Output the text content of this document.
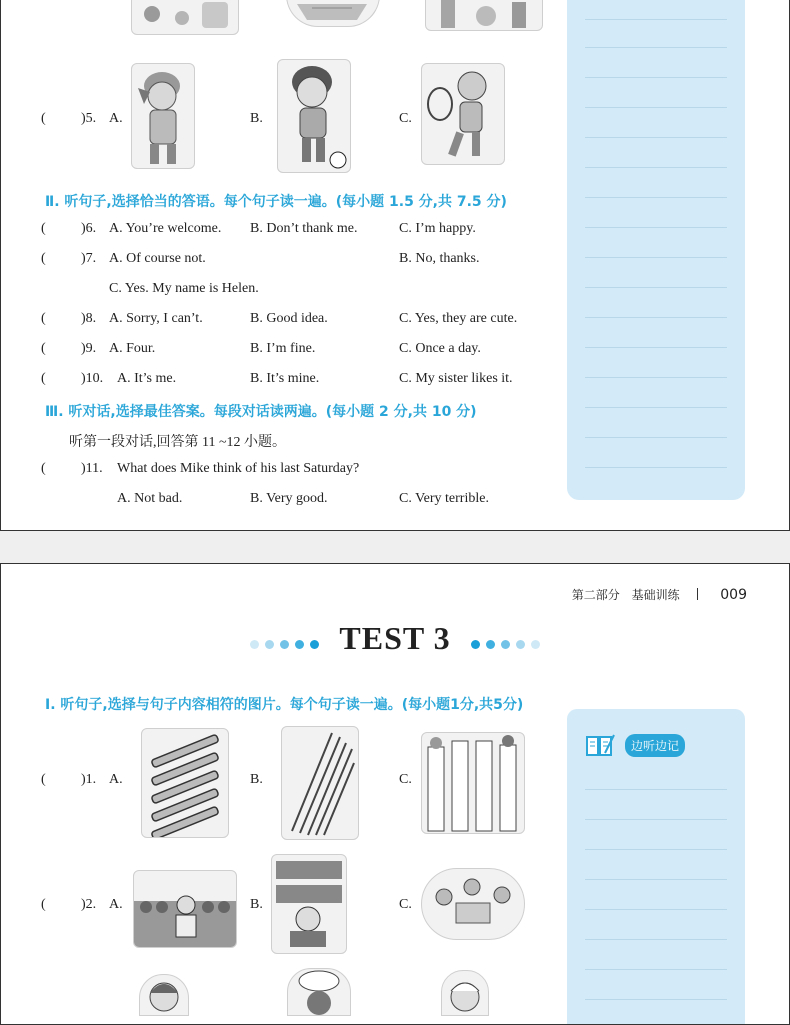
(	)5. A.	B.	C.
Ⅱ. 听句子,选择恰当的答语。每个句子读一遍。(每小题 1.5 分,共 7.5 分)
(	)6. A. You’re welcome. B. Don’t thank me.	C. I’m happy.
(	)7. A. Of course not.	B. No, thanks.
C. Yes. My name is Helen.
(	)8. A. Sorry, I can’t.	B. Good idea.	C. Yes, they are cute.
(	)9. A. Four.	B. I’m fine.	C. Once a day.
(	)10. A. It’s me.	B. It’s mine.	C. My sister likes it.
Ⅲ. 听对话,选择最佳答案。每段对话读两遍。(每小题 2 分,共 10 分)
听第一段对话,回答第 11 ~12 小题。
(	)11. What does Mike think of his last Saturday?
A. Not bad.	B. Very good.	C. Very terrible.
第二部分 基础训练	009
TEST 3
Ⅰ. 听句子,选择与句子内容相符的图片。每个句子读一遍。(每小题1分,共5分)
边听边记
(	)1. A.	B.	C.
(	)2. A.	B.	C.
